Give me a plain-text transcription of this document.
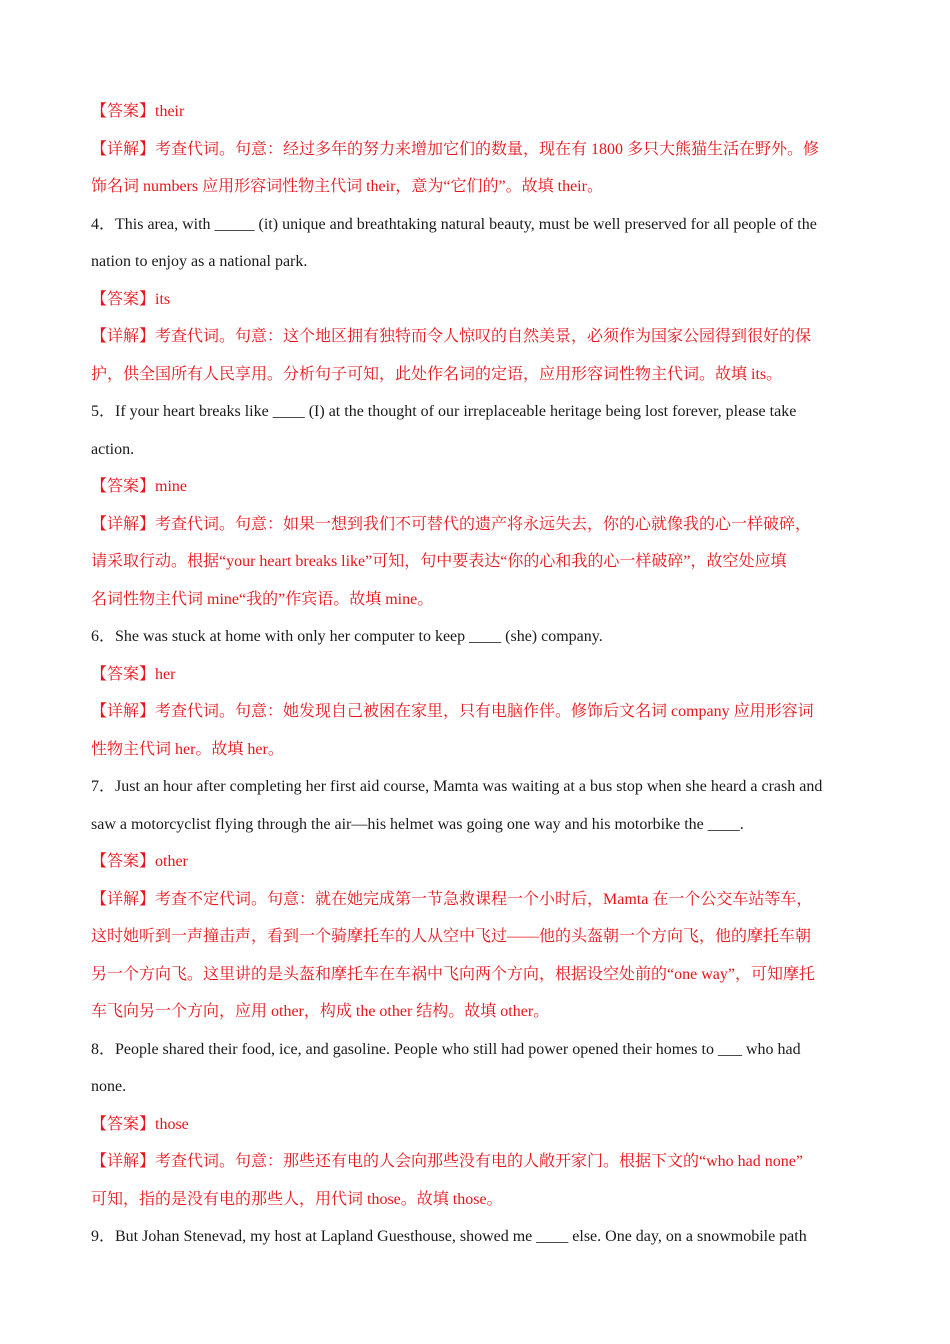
【答案】their

【详解】考查代词。句意：经过多年的努力来增加它们的数量，现在有 1800 多只大熊猫生活在野外。修

饰名词 numbers 应用形容词性物主代词 their，意为“它们的”。故填 their。

4．This area, with _____ (it) unique and breathtaking natural beauty, must be well preserved for all people of the

nation to enjoy as a national park.

【答案】its

【详解】考查代词。句意：这个地区拥有独特而令人惊叹的自然美景，必须作为国家公园得到很好的保

护，供全国所有人民享用。分析句子可知，此处作名词的定语，应用形容词性物主代词。故填 its。

5．If your heart breaks like ____ (I) at the thought of our irreplaceable heritage being lost forever, please take

action.

【答案】mine

【详解】考查代词。句意：如果一想到我们不可替代的遗产将永远失去，你的心就像我的心一样破碎，

请采取行动。根据“your heart breaks like”可知，句中要表达“你的心和我的心一样破碎”，故空处应填

名词性物主代词 mine“我的”作宾语。故填 mine。

6．She was stuck at home with only her computer to keep ____ (she) company.

【答案】her

【详解】考查代词。句意：她发现自己被困在家里，只有电脑作伴。修饰后文名词 company 应用形容词

性物主代词 her。故填 her。

7．Just an hour after completing her first aid course, Mamta was waiting at a bus stop when she heard a crash and

saw a motorcyclist flying through the air—his helmet was going one way and his motorbike the ____.

【答案】other

【详解】考查不定代词。句意：就在她完成第一节急救课程一个小时后，Mamta 在一个公交车站等车，

这时她听到一声撞击声，看到一个骑摩托车的人从空中飞过——他的头盔朝一个方向飞，他的摩托车朝

另一个方向飞。这里讲的是头盔和摩托车在车祸中飞向两个方向，根据设空处前的“one way”，可知摩托

车飞向另一个方向，应用 other，构成 the other 结构。故填 other。

8．People shared their food, ice, and gasoline. People who still had power opened their homes to ___ who had

none.

【答案】those

【详解】考查代词。句意：那些还有电的人会向那些没有电的人敞开家门。根据下文的“who had none”

可知，指的是没有电的那些人，用代词 those。故填 those。

9．But Johan Stenevad, my host at Lapland Guesthouse, showed me ____ else. One day, on a snowmobile path
